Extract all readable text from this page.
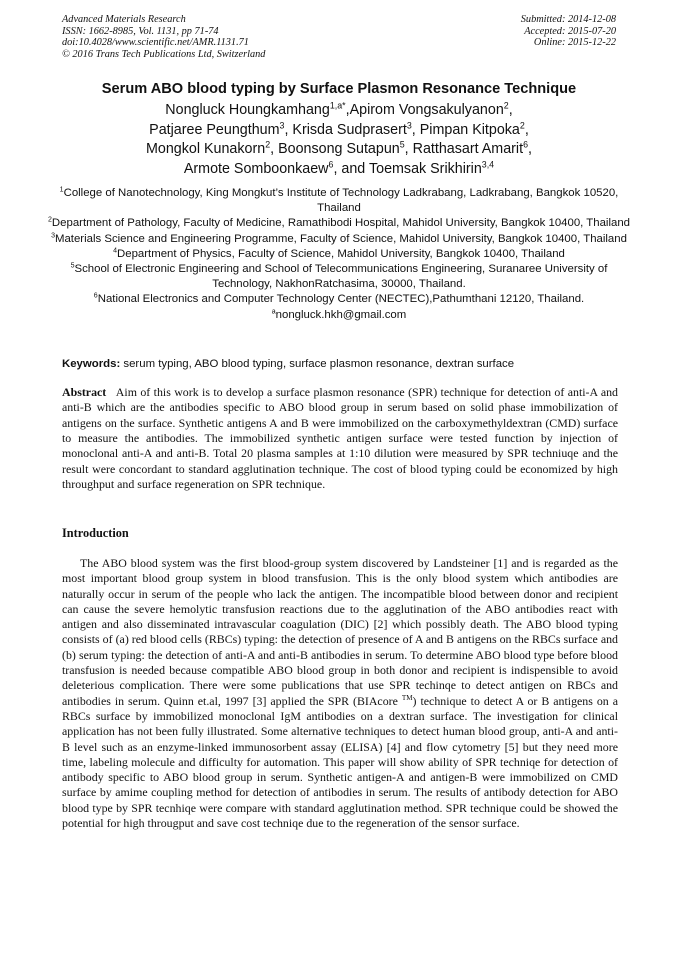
Advanced Materials Research
ISSN: 1662-8985, Vol. 1131, pp 71-74
doi:10.4028/www.scientific.net/AMR.1131.71
© 2016 Trans Tech Publications Ltd, Switzerland
Submitted: 2014-12-08
Accepted: 2015-07-20
Online: 2015-12-22
Serum ABO blood typing by Surface Plasmon Resonance Technique
Nongluck Houngkamhang$^{1,a*}$,Apirom Vongsakulyanon$^2$,
Patjaree Peungthum$^3$, Krisda Sudprasert$^3$, Pimpan Kitpoka$^2$,
Mongkol Kunakorn$^2$, Boonsong Sutapun$^5$, Ratthasart Amarit$^6$,
Armote Somboonkaew$^6$, and Toemsak Srikhirin$^{3,4}$
$^1$College of Nanotechnology, King Mongkut’s Institute of Technology Ladkrabang, Ladkrabang, Bangkok 10520, Thailand
$^2$Department of Pathology, Faculty of Medicine, Ramathibodi Hospital, Mahidol University, Bangkok 10400, Thailand
$^3$Materials Science and Engineering Programme, Faculty of Science, Mahidol University, Bangkok 10400, Thailand
$^4$Department of Physics, Faculty of Science, Mahidol University, Bangkok 10400, Thailand
$^5$School of Electronic Engineering and School of Telecommunications Engineering, Suranaree University of Technology, NakhonRatchasima, 30000, Thailand.
$^6$National Electronics and Computer Technology Center (NECTEC),Pathumthani 12120, Thailand.
$^a$nongluck.hkh@gmail.com
Keywords: serum typing, ABO blood typing, surface plasmon resonance, dextran surface
Abstract Aim of this work is to develop a surface plasmon resonance (SPR) technique for detection of anti-A and anti-B which are the antibodies specific to ABO blood group in serum based on solid phase immobilization of antigens on the surface. Synthetic antigens A and B were immobilized on the carboxymethyldextran (CMD) surface to measure the antibodies. The immobilized synthetic antigen surface were tested function by injection of monoclonal anti-A and anti-B. Total 20 plasma samples at 1:10 dilution were measured by SPR techniuqe and the result were concordant to standard agglutination technique. The cost of blood typing could be economized by high throughput and surface regeneration on SPR technique.
Introduction
The ABO blood system was the first blood-group system discovered by Landsteiner [1] and is regarded as the most important blood group system in blood transfusion. This is the only blood system which antibodies are naturally occur in serum of the people who lack the antigen. The incompatible blood between donor and recipient can cause the severe hemolytic transfusion reactions due to the agglutination of the ABO antibodies react with antigen and also disseminated intravascular coagulation (DIC) [2] which possibly death. The ABO blood typing consists of (a) red blood cells (RBCs) typing: the detection of presence of A and B antigens on the RBCs surface and (b) serum typing: the detection of anti-A and anti-B antibodies in serum. To determine ABO blood type before blood transfusion is needed because compatible ABO blood group in both donor and recipient is indispensible to avoid deleterious complication. There were some publications that use SPR techinqe to detect antigen on RBCs and antibodies in serum. Quinn et.al, 1997 [3] applied the SPR (BIAcore ™) technique to detect A or B antigens on a RBCs surface by immobilized monoclonal IgM antibodies on a dextran surface. The investigation for clinical application has not been fully illustrated. Some alternative techniques to detect human blood group, anti-A and anti-B level such as an enzyme-linked immunosorbent assay (ELISA) [4] and flow cytometry [5] but they need more time, labeling molecule and difficulty for automation. This paper will show ability of SPR techniqe for detection of antibody specific to ABO blood group in serum. Synthetic antigen-A and antigen-B were immobilized on CMD surface by amime coupling method for detection of antibodies in serum. The results of antibody detection for ABO blood type by SPR tecnhiqe were compare with standard agglutination method. SPR technique could be showed the potential for high througput and save cost techniqe due to the regeneration of the sensor surface.
